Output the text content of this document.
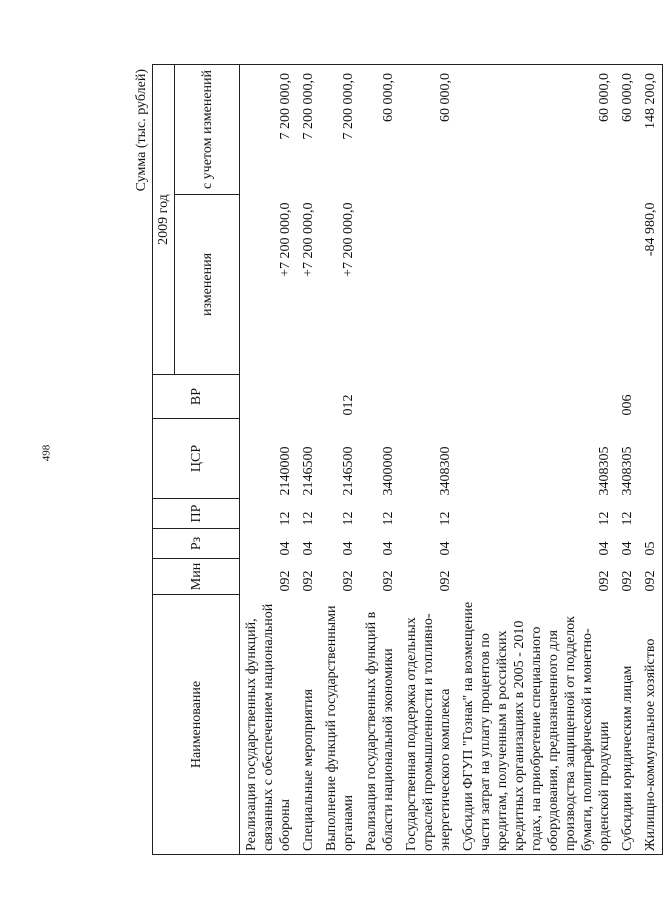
498
Сумма (тыс. рублей)
Наименование	Мин	Рз	ПР	ЦСР	ВР	2009 год	
						изменения	с учетом изменений
Реализация государственных функций, связанных с обеспечением национальной обороны	092	04	12	2140000		+7 200 000,0	7 200 000,0
Специальные мероприятия	092	04	12	2146500		+7 200 000,0	7 200 000,0
Выполнение функций государственными органами	092	04	12	2146500	012	+7 200 000,0	7 200 000,0
Реализация государственных функций в области национальной экономики	092	04	12	3400000			60 000,0
Государственная поддержка отдельных отраслей промышленности и топливно-энергетического комплекса	092	04	12	3408300			60 000,0
Субсидии ФГУП "Гознак" на возмещение части затрат на уплату процентов по кредитам, полученным в российских кредитных организациях в 2005 - 2010 годах, на приобретение специального оборудования, предназначенного для производства защищенной от подделок бумаги, полиграфической и монетно-орденской продукции	092	04	12	3408305			60 000,0
Субсидии юридическим лицам	092	04	12	3408305	006		60 000,0
Жилищно-коммунальное хозяйство	092	05				-84 980,0	148 200,0
